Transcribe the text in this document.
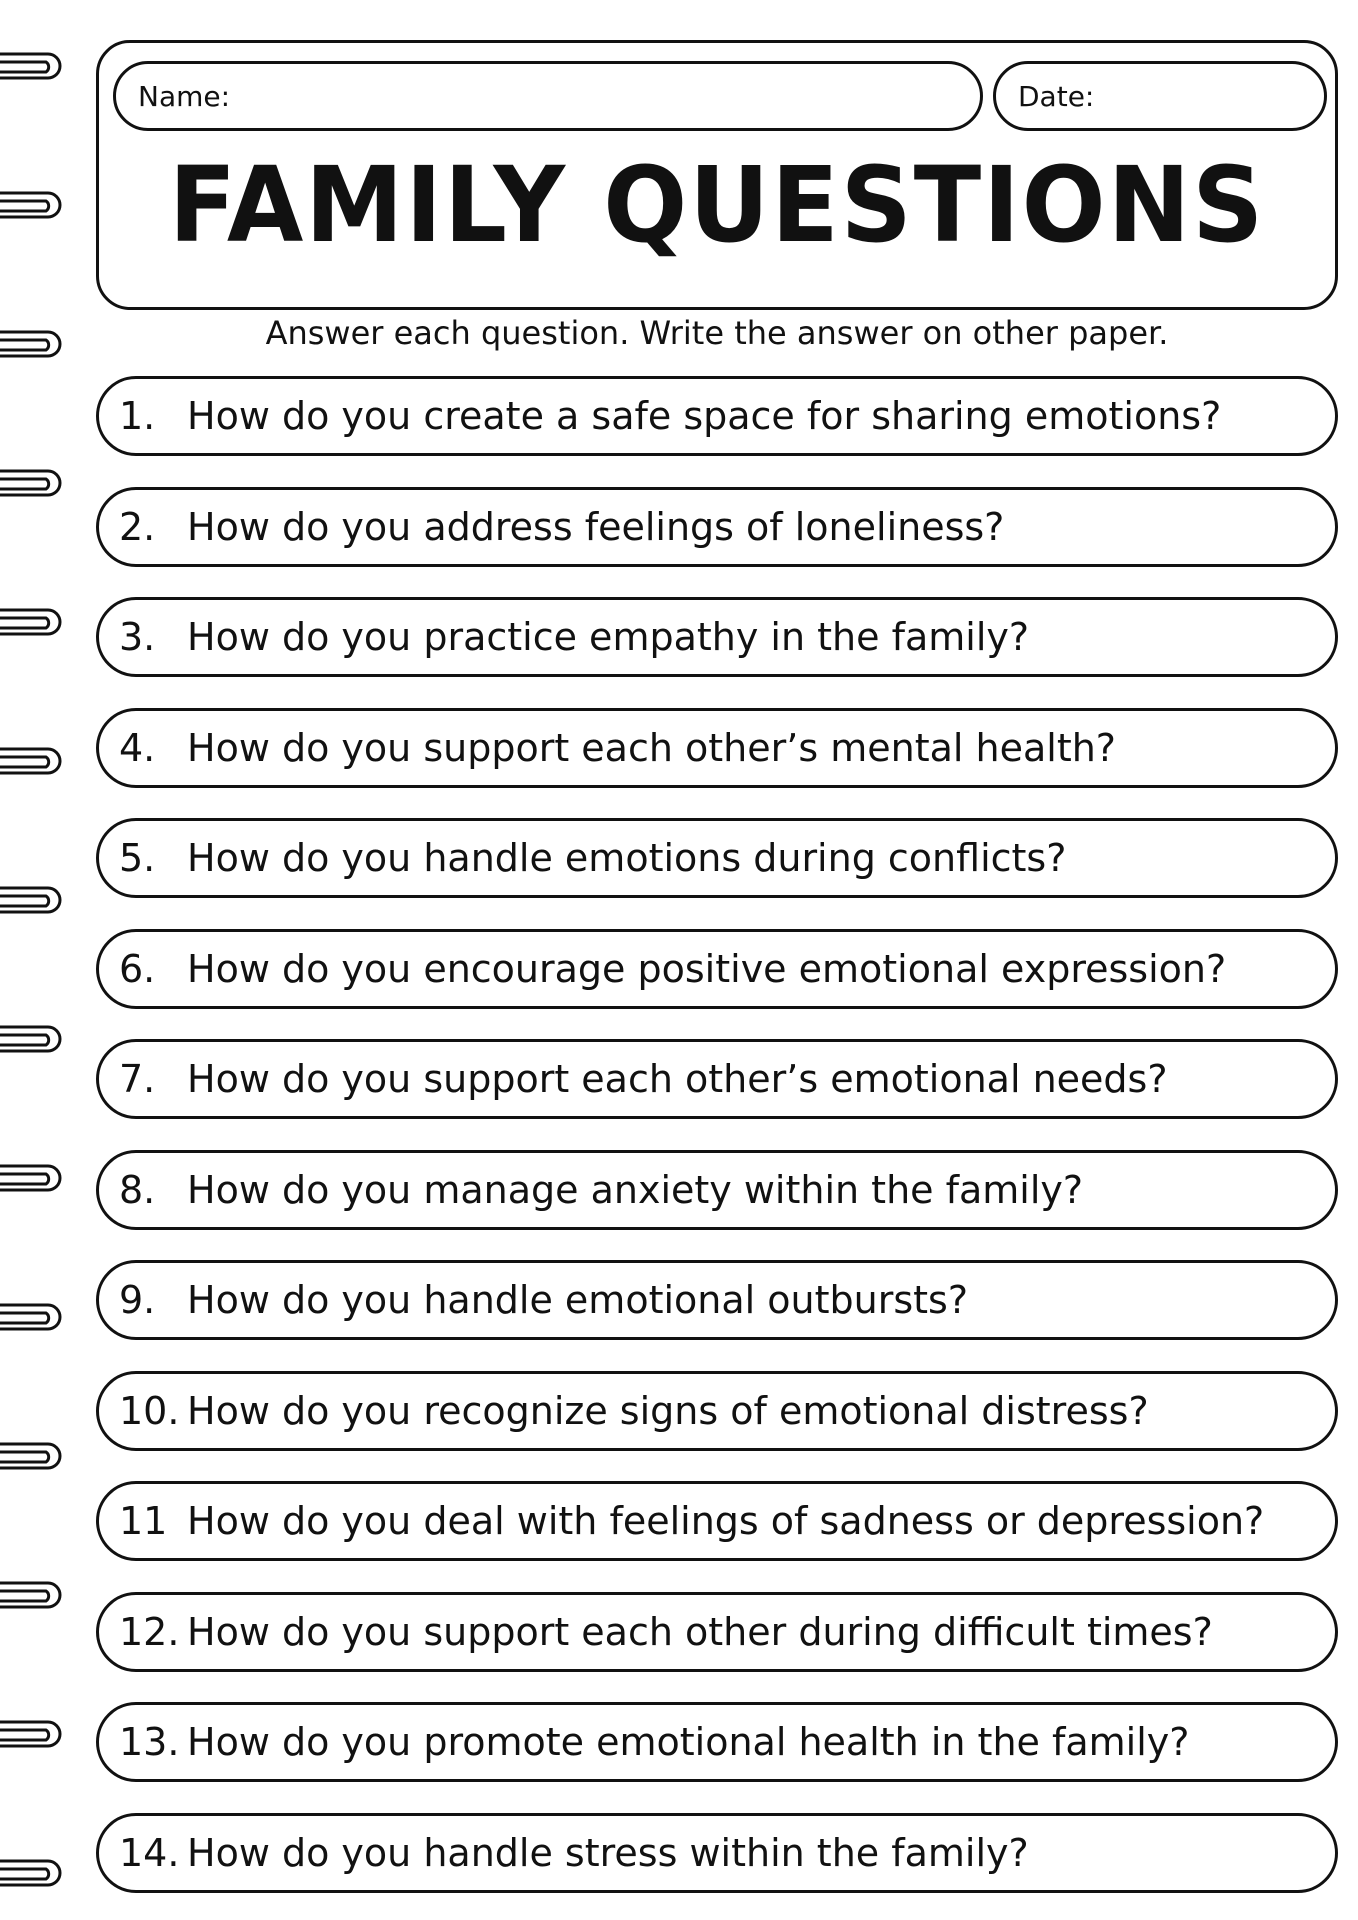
Name:	Date:
FAMILY QUESTIONS
Answer each question. Write the answer on other paper.
1. How do you create a safe space for sharing emotions?
2. How do you address feelings of loneliness?
3. How do you practice empathy in the family?
4. How do you support each other’s mental health?
5. How do you handle emotions during conflicts?
6. How do you encourage positive emotional expression?
7. How do you support each other’s emotional needs?
8. How do you manage anxiety within the family?
9. How do you handle emotional outbursts?
10. How do you recognize signs of emotional distress?
11 How do you deal with feelings of sadness or depression?
12. How do you support each other during difficult times?
13. How do you promote emotional health in the family?
14. How do you handle stress within the family?
